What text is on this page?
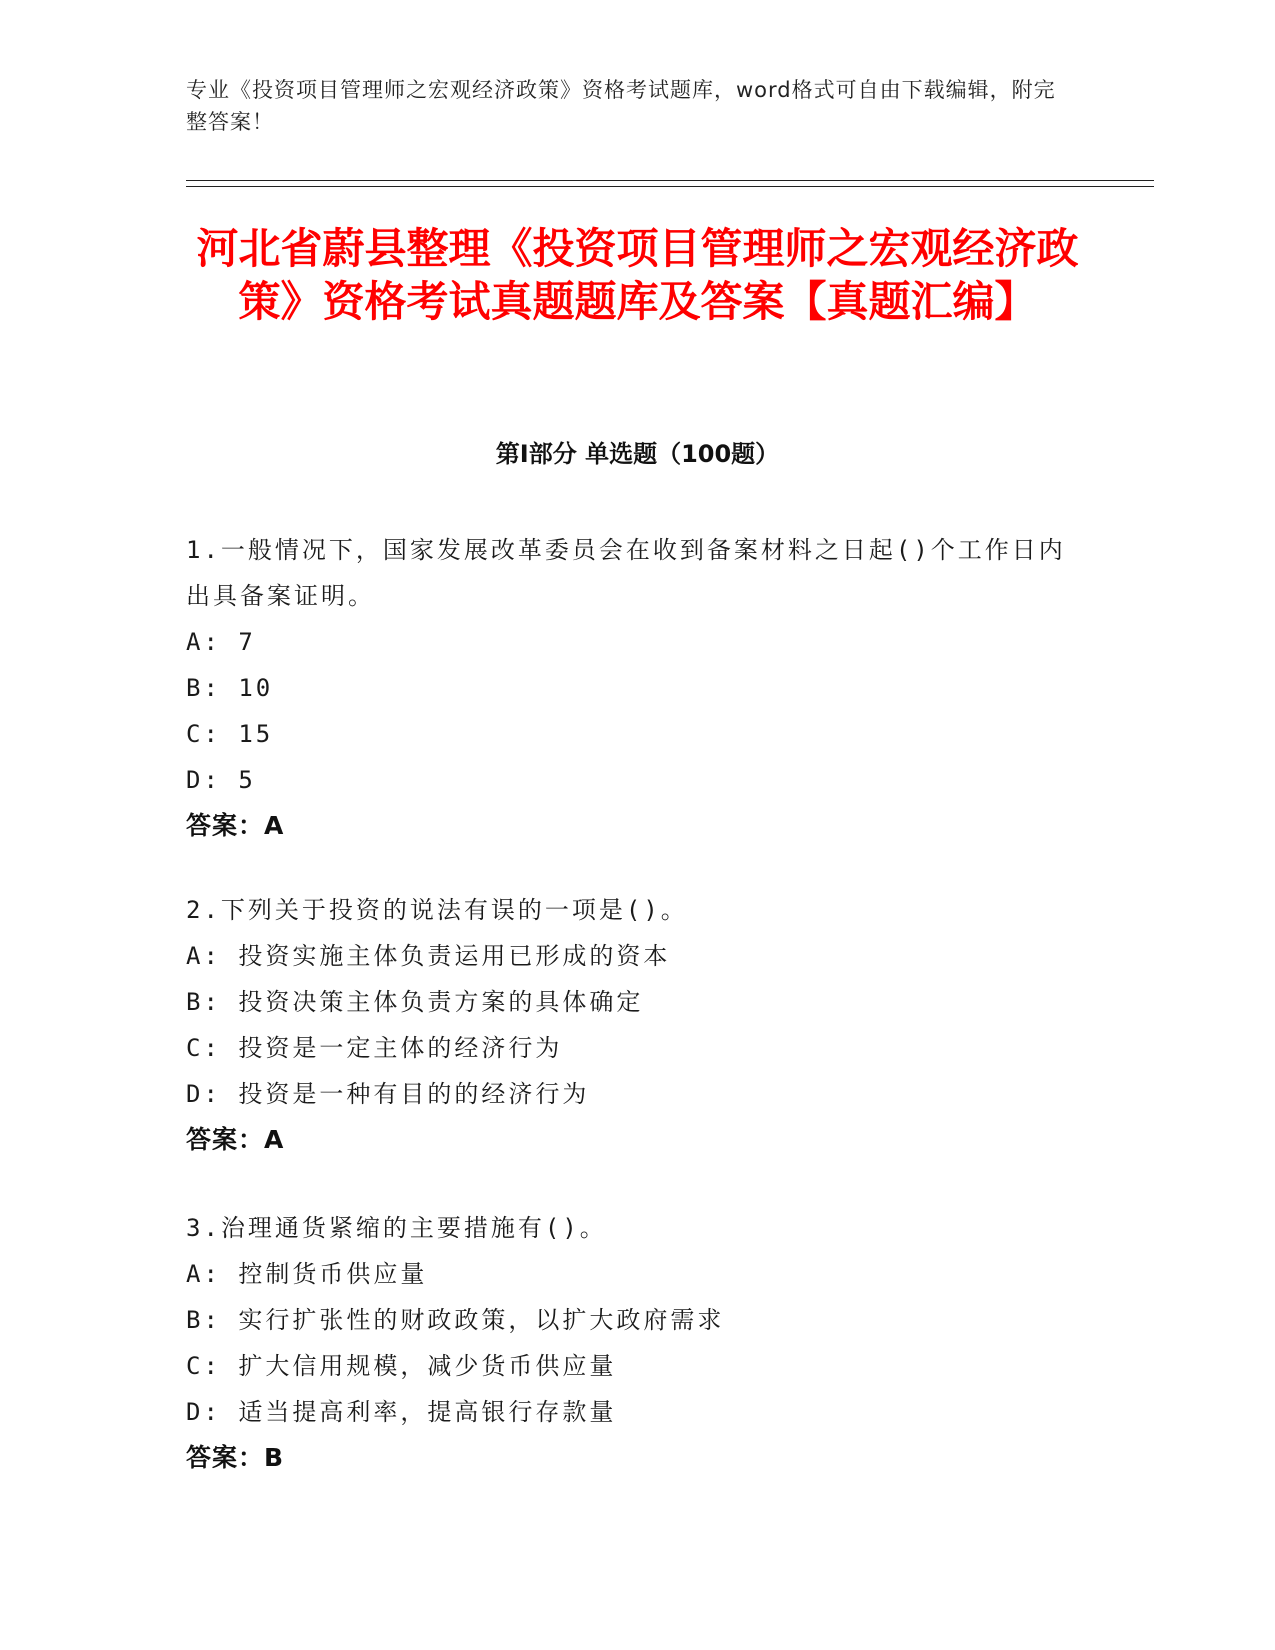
专业《投资项目管理师之宏观经济政策》资格考试题库，word格式可自由下载编辑，附完整答案！
河北省蔚县整理《投资项目管理师之宏观经济政策》资格考试真题题库及答案【真题汇编】
第Ⅰ部分 单选题（100题）
1.一般情况下，国家发展改革委员会在收到备案材料之日起()个工作日内出具备案证明。
A: 7
B: 10
C: 15
D: 5
答案：A
2.下列关于投资的说法有误的一项是()。
A: 投资实施主体负责运用已形成的资本
B: 投资决策主体负责方案的具体确定
C: 投资是一定主体的经济行为
D: 投资是一种有目的的经济行为
答案：A
3.治理通货紧缩的主要措施有()。
A: 控制货币供应量
B: 实行扩张性的财政政策，以扩大政府需求
C: 扩大信用规模，减少货币供应量
D: 适当提高利率，提高银行存款量
答案：B
